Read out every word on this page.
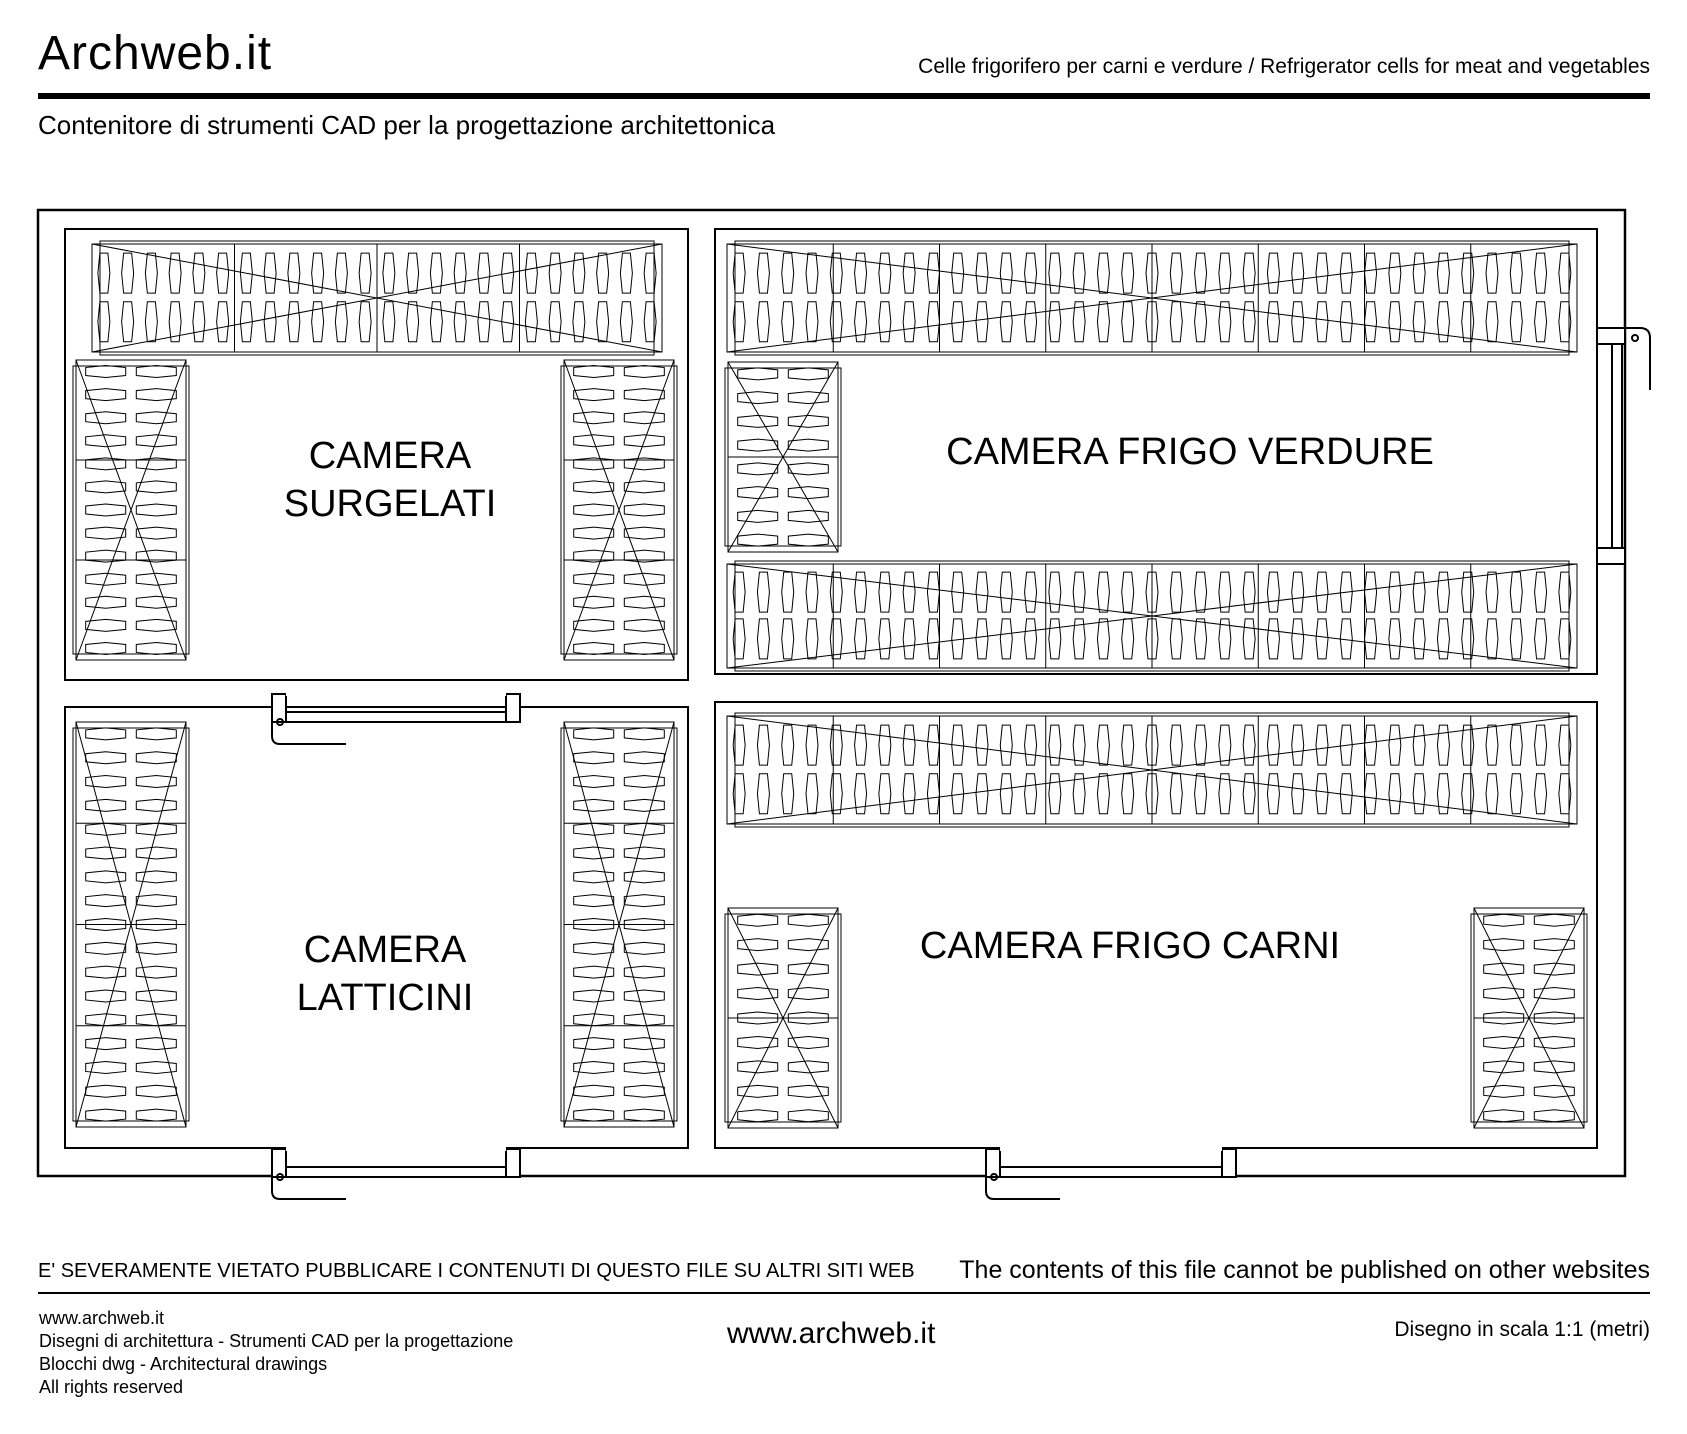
Archweb.it	Celle frigorifero per carni e verdure / Refrigerator cells for meat and vegetables
Contenitore di strumenti CAD per la progettazione architettonica
CAMERA
SURGELATI
CAMERA
LATTICINI
CAMERA FRIGO VERDURE
CAMERA FRIGO CARNI
E' SEVERAMENTE VIETATO PUBBLICARE I CONTENUTI DI QUESTO FILE SU ALTRI SITI WEB The contents of this file cannot be published on other websites
www.archweb.it
Disegni di architettura - Strumenti CAD per la progettazione
Blocchi dwg - Architectural drawings
All rights reserved
www.archweb.it	Disegno in scala 1:1 (metri)
